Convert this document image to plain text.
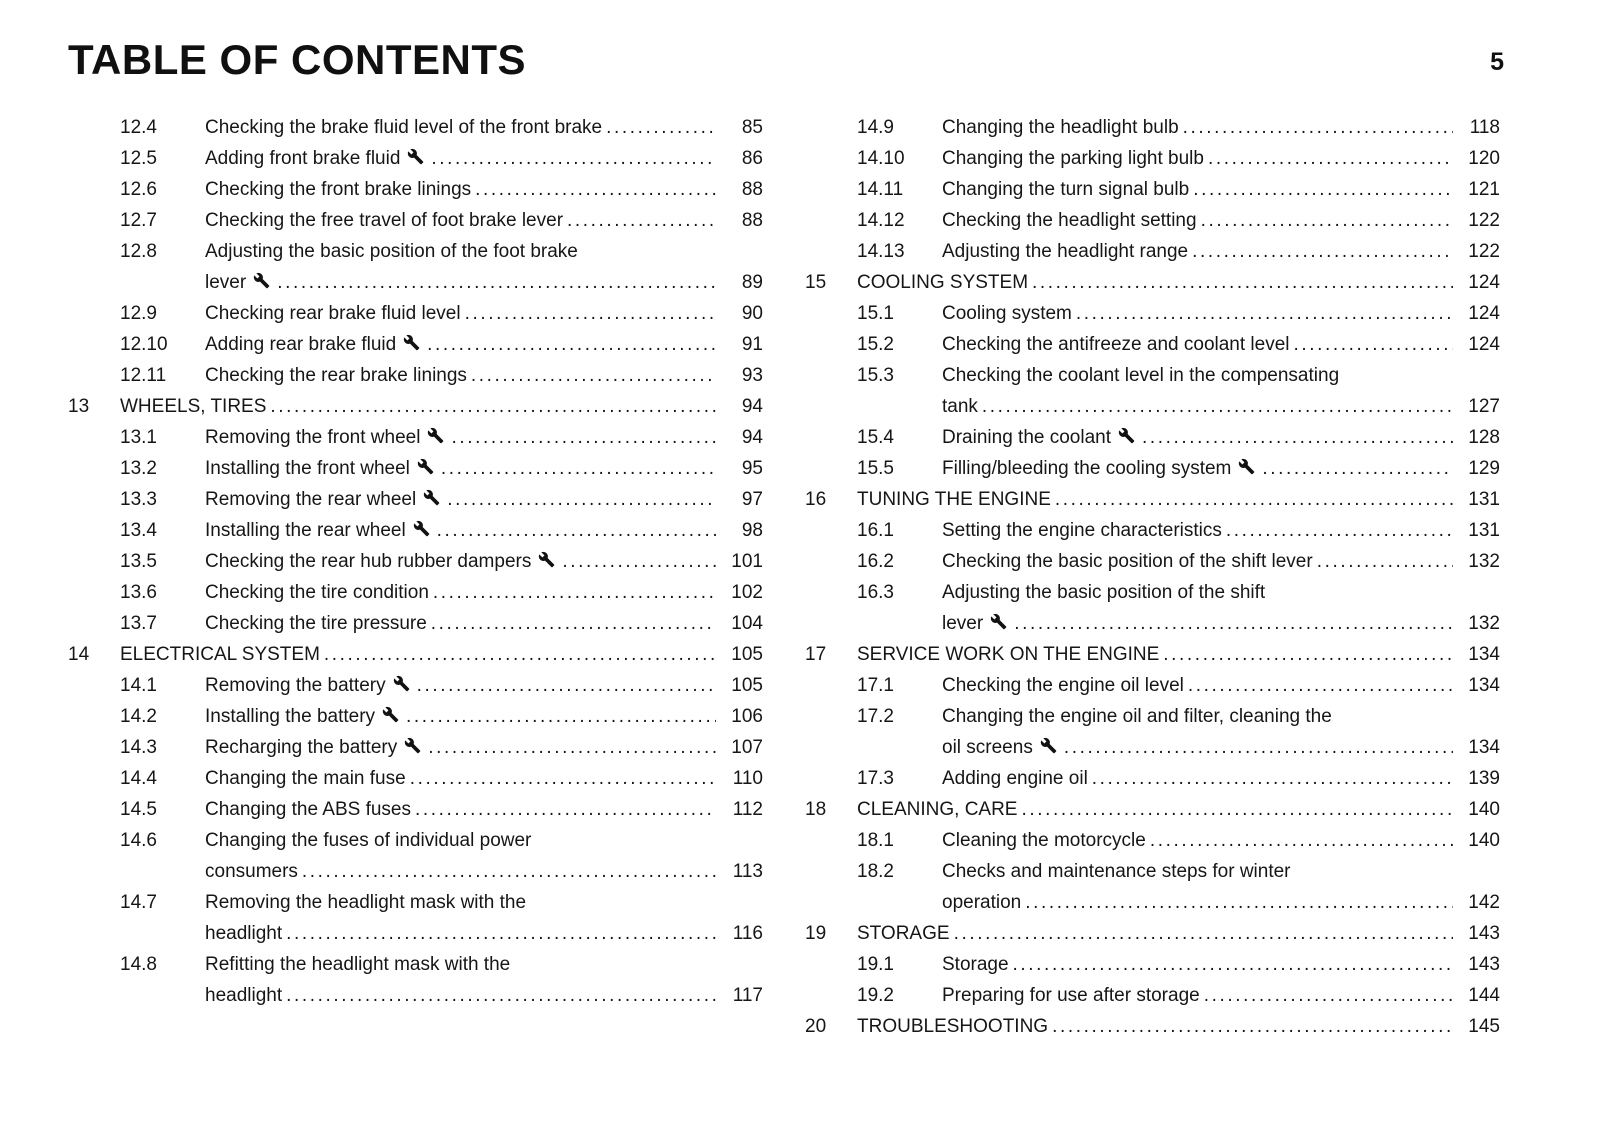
TABLE OF CONTENTS	5
12.4	Checking the brake fluid level of the front brake .....	85
12.5	Adding front brake fluid .....	86
12.6	Checking the front brake linings .....	88
12.7	Checking the free travel of foot brake lever .....	88
12.8	Adjusting the basic position of the foot brake
lever .....	89
12.9	Checking rear brake fluid level .....	90
12.10	Adding rear brake fluid .....	91
12.11	Checking the rear brake linings .....	93
13	WHEELS, TIRES .....	94
13.1	Removing the front wheel .....	94
13.2	Installing the front wheel .....	95
13.3	Removing the rear wheel .....	97
13.4	Installing the rear wheel .....	98
13.5	Checking the rear hub rubber dampers .....	101
13.6	Checking the tire condition .....	102
13.7	Checking the tire pressure .....	104
14	ELECTRICAL SYSTEM .....	105
14.1	Removing the battery .....	105
14.2	Installing the battery .....	106
14.3	Recharging the battery .....	107
14.4	Changing the main fuse .....	110
14.5	Changing the ABS fuses .....	112
14.6	Changing the fuses of individual power
consumers .....	113
14.7	Removing the headlight mask with the
headlight .....	116
14.8	Refitting the headlight mask with the
headlight .....	117
14.9	Changing the headlight bulb .....	118
14.10	Changing the parking light bulb .....	120
14.11	Changing the turn signal bulb .....	121
14.12	Checking the headlight setting .....	122
14.13	Adjusting the headlight range .....	122
15	COOLING SYSTEM .....	124
15.1	Cooling system .....	124
15.2	Checking the antifreeze and coolant level .....	124
15.3	Checking the coolant level in the compensating
tank .....	127
15.4	Draining the coolant .....	128
15.5	Filling/bleeding the cooling system .....	129
16	TUNING THE ENGINE .....	131
16.1	Setting the engine characteristics .....	131
16.2	Checking the basic position of the shift lever .....	132
16.3	Adjusting the basic position of the shift
lever .....	132
17	SERVICE WORK ON THE ENGINE .....	134
17.1	Checking the engine oil level .....	134
17.2	Changing the engine oil and filter, cleaning the
oil screens .....	134
17.3	Adding engine oil .....	139
18	CLEANING, CARE .....	140
18.1	Cleaning the motorcycle .....	140
18.2	Checks and maintenance steps for winter
operation .....	142
19	STORAGE .....	143
19.1	Storage .....	143
19.2	Preparing for use after storage .....	144
20	TROUBLESHOOTING .....	145
